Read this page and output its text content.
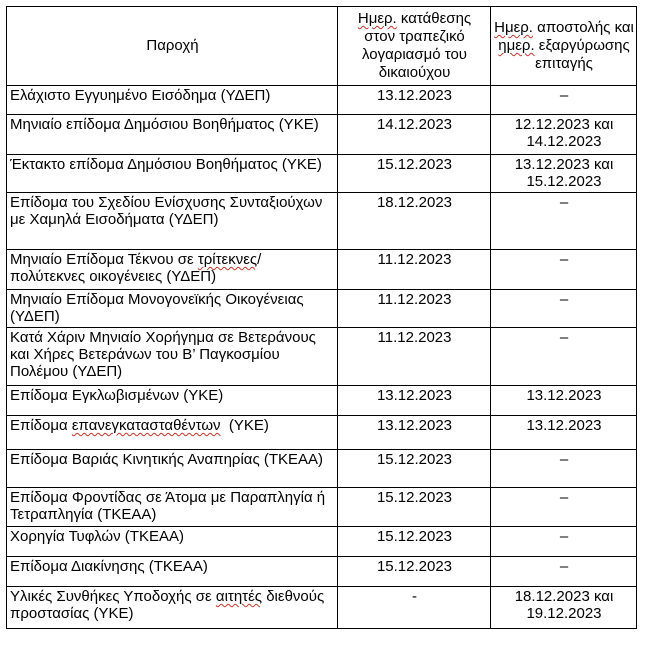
Παροχή	Ημερ. κατάθεσης στον τραπεζικό λογαριασμό του δικαιούχου	Ημερ. αποστολής και ημερ. εξαργύρωσης επιταγής
Ελάχιστο Εγγυημένο Εισόδημα (ΥΔΕΠ)	13.12.2023	–
Μηνιαίο επίδομα Δημόσιου Βοηθήματος (ΥΚΕ)	14.12.2023	12.12.2023 και 14.12.2023
Έκτακτο επίδομα Δημόσιου Βοηθήματος (ΥΚΕ)	15.12.2023	13.12.2023 και 15.12.2023
Επίδομα του Σχεδίου Ενίσχυσης Συνταξιούχων με Χαμηλά Εισοδήματα (ΥΔΕΠ)	18.12.2023	–
Μηνιαίο Επίδομα Τέκνου σε τρίτεκνες/ πολύτεκνες οικογένειες (ΥΔΕΠ)	11.12.2023	–
Μηνιαίο Επίδομα Μονογονεϊκής Οικογένειας (ΥΔΕΠ)	11.12.2023	–
Κατά Χάριν Μηνιαίο Χορήγημα σε Βετεράνους και Χήρες Βετεράνων του Β’ Παγκοσμίου Πολέμου (ΥΔΕΠ)	11.12.2023	–
Επίδομα Εγκλωβισμένων (ΥΚΕ)	13.12.2023	13.12.2023
Επίδομα επανεγκατασταθέντων  (ΥΚΕ)	13.12.2023	13.12.2023
Επίδομα Βαριάς Κινητικής Αναπηρίας (ΤΚΕΑΑ)	15.12.2023	–
Επίδομα Φροντίδας σε Άτομα με Παραπληγία ή Τετραπληγία (ΤΚΕΑΑ)	15.12.2023	–
Χορηγία Τυφλών (ΤΚΕΑΑ)	15.12.2023	–
Επίδομα Διακίνησης (ΤΚΕΑΑ)	15.12.2023	–
Υλικές Συνθήκες Υποδοχής σε αιτητές διεθνούς προστασίας (ΥΚΕ)	-	18.12.2023 και 19.12.2023
